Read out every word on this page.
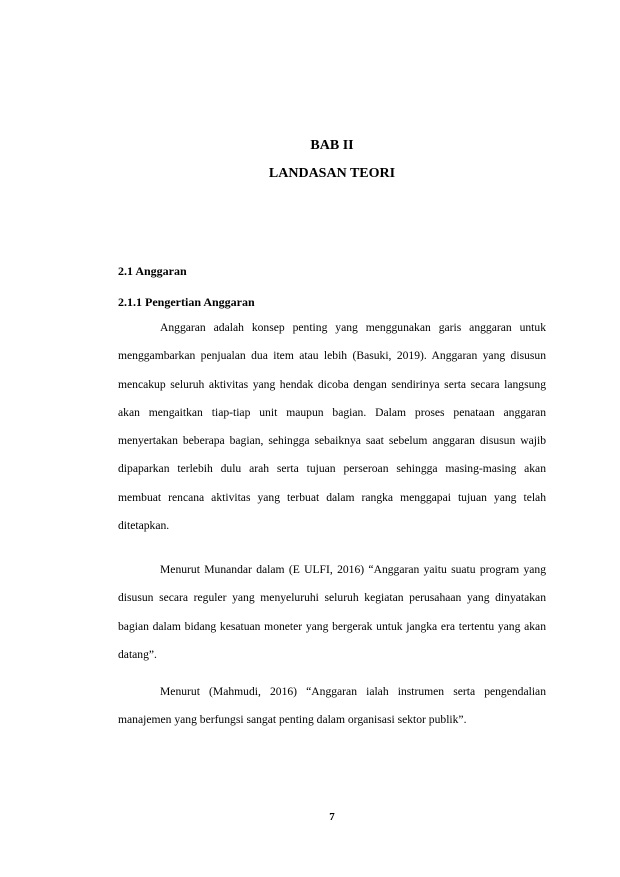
BAB II
LANDASAN TEORI
2.1 Anggaran
2.1.1 Pengertian Anggaran

Anggaran adalah konsep penting yang menggunakan garis anggaran untuk menggambarkan penjualan dua item atau lebih (Basuki, 2019). Anggaran yang disusun mencakup seluruh aktivitas yang hendak dicoba dengan sendirinya serta secara langsung akan mengaitkan tiap-tiap unit maupun bagian. Dalam proses penataan anggaran menyertakan beberapa bagian, sehingga sebaiknya saat sebelum anggaran disusun wajib dipaparkan terlebih dulu arah serta tujuan perseroan sehingga masing-masing akan membuat rencana aktivitas yang terbuat dalam rangka menggapai tujuan yang telah ditetapkan.

Menurut Munandar dalam (E ULFI, 2016) “Anggaran yaitu suatu program yang disusun secara reguler yang menyeluruhi seluruh kegiatan perusahaan yang dinyatakan bagian dalam bidang kesatuan moneter yang bergerak untuk jangka era tertentu yang akan datang”.

Menurut (Mahmudi, 2016) “Anggaran ialah instrumen serta pengendalian manajemen yang berfungsi sangat penting dalam organisasi sektor publik”.

7
